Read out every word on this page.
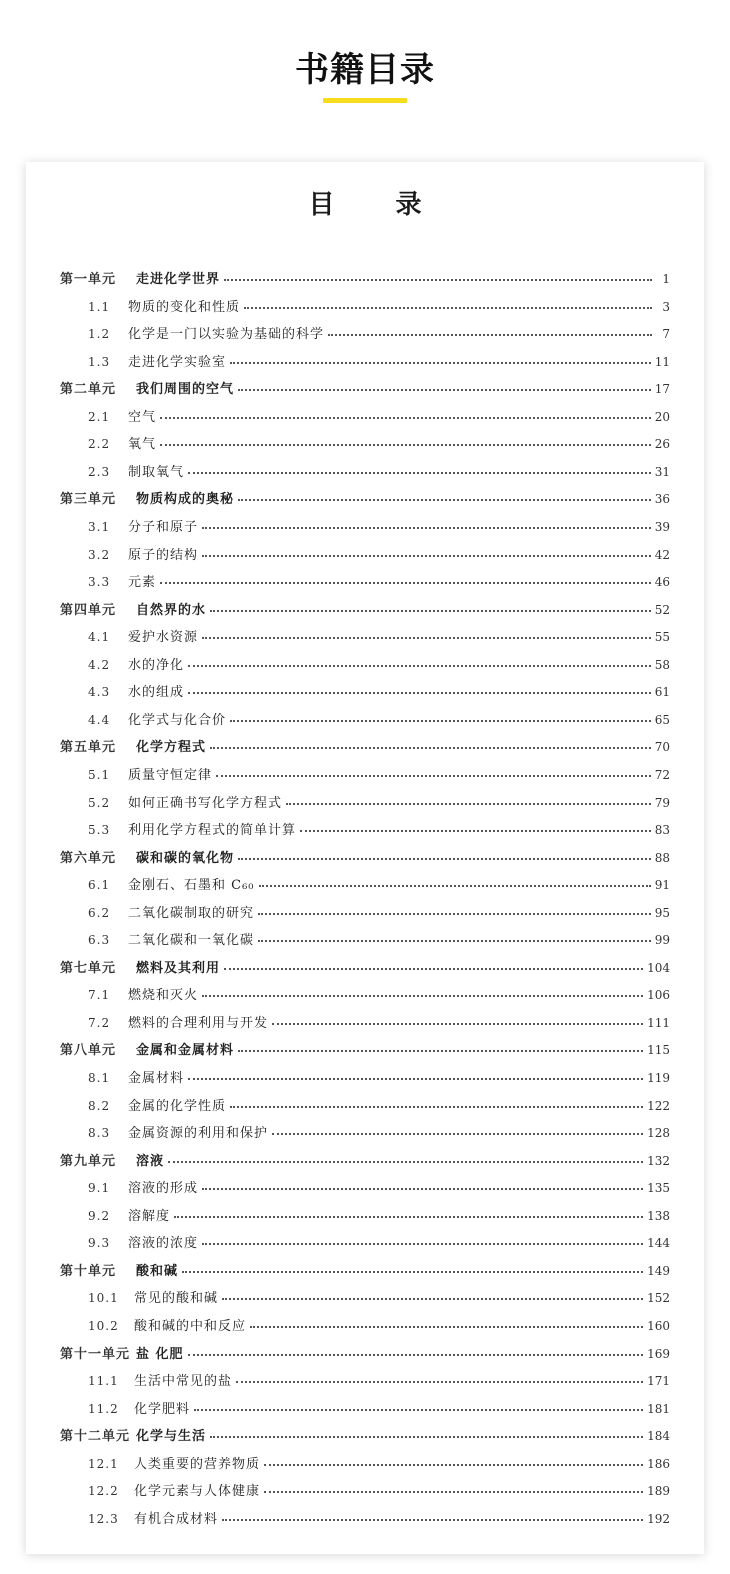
书籍目录
目 录
第一单元	走进化学世界	1
1.1	物质的变化和性质	3
1.2	化学是一门以实验为基础的科学	7
1.3	走进化学实验室	11
第二单元	我们周围的空气	17
2.1	空气	20
2.2	氧气	26
2.3	制取氧气	31
第三单元	物质构成的奥秘	36
3.1	分子和原子	39
3.2	原子的结构	42
3.3	元素	46
第四单元	自然界的水	52
4.1	爱护水资源	55
4.2	水的净化	58
4.3	水的组成	61
4.4	化学式与化合价	65
第五单元	化学方程式	70
5.1	质量守恒定律	72
5.2	如何正确书写化学方程式	79
5.3	利用化学方程式的简单计算	83
第六单元	碳和碳的氧化物	88
6.1	金刚石、石墨和 C₆₀	91
6.2	二氧化碳制取的研究	95
6.3	二氧化碳和一氧化碳	99
第七单元	燃料及其利用	104
7.1	燃烧和灭火	106
7.2	燃料的合理利用与开发	111
第八单元	金属和金属材料	115
8.1	金属材料	119
8.2	金属的化学性质	122
8.3	金属资源的利用和保护	128
第九单元	溶液	132
9.1	溶液的形成	135
9.2	溶解度	138
9.3	溶液的浓度	144
第十单元	酸和碱	149
10.1	常见的酸和碱	152
10.2	酸和碱的中和反应	160
第十一单元 盐 化肥	169
11.1	生活中常见的盐	171
11.2	化学肥料	181
第十二单元 化学与生活	184
12.1	人类重要的营养物质	186
12.2	化学元素与人体健康	189
12.3	有机合成材料	192
